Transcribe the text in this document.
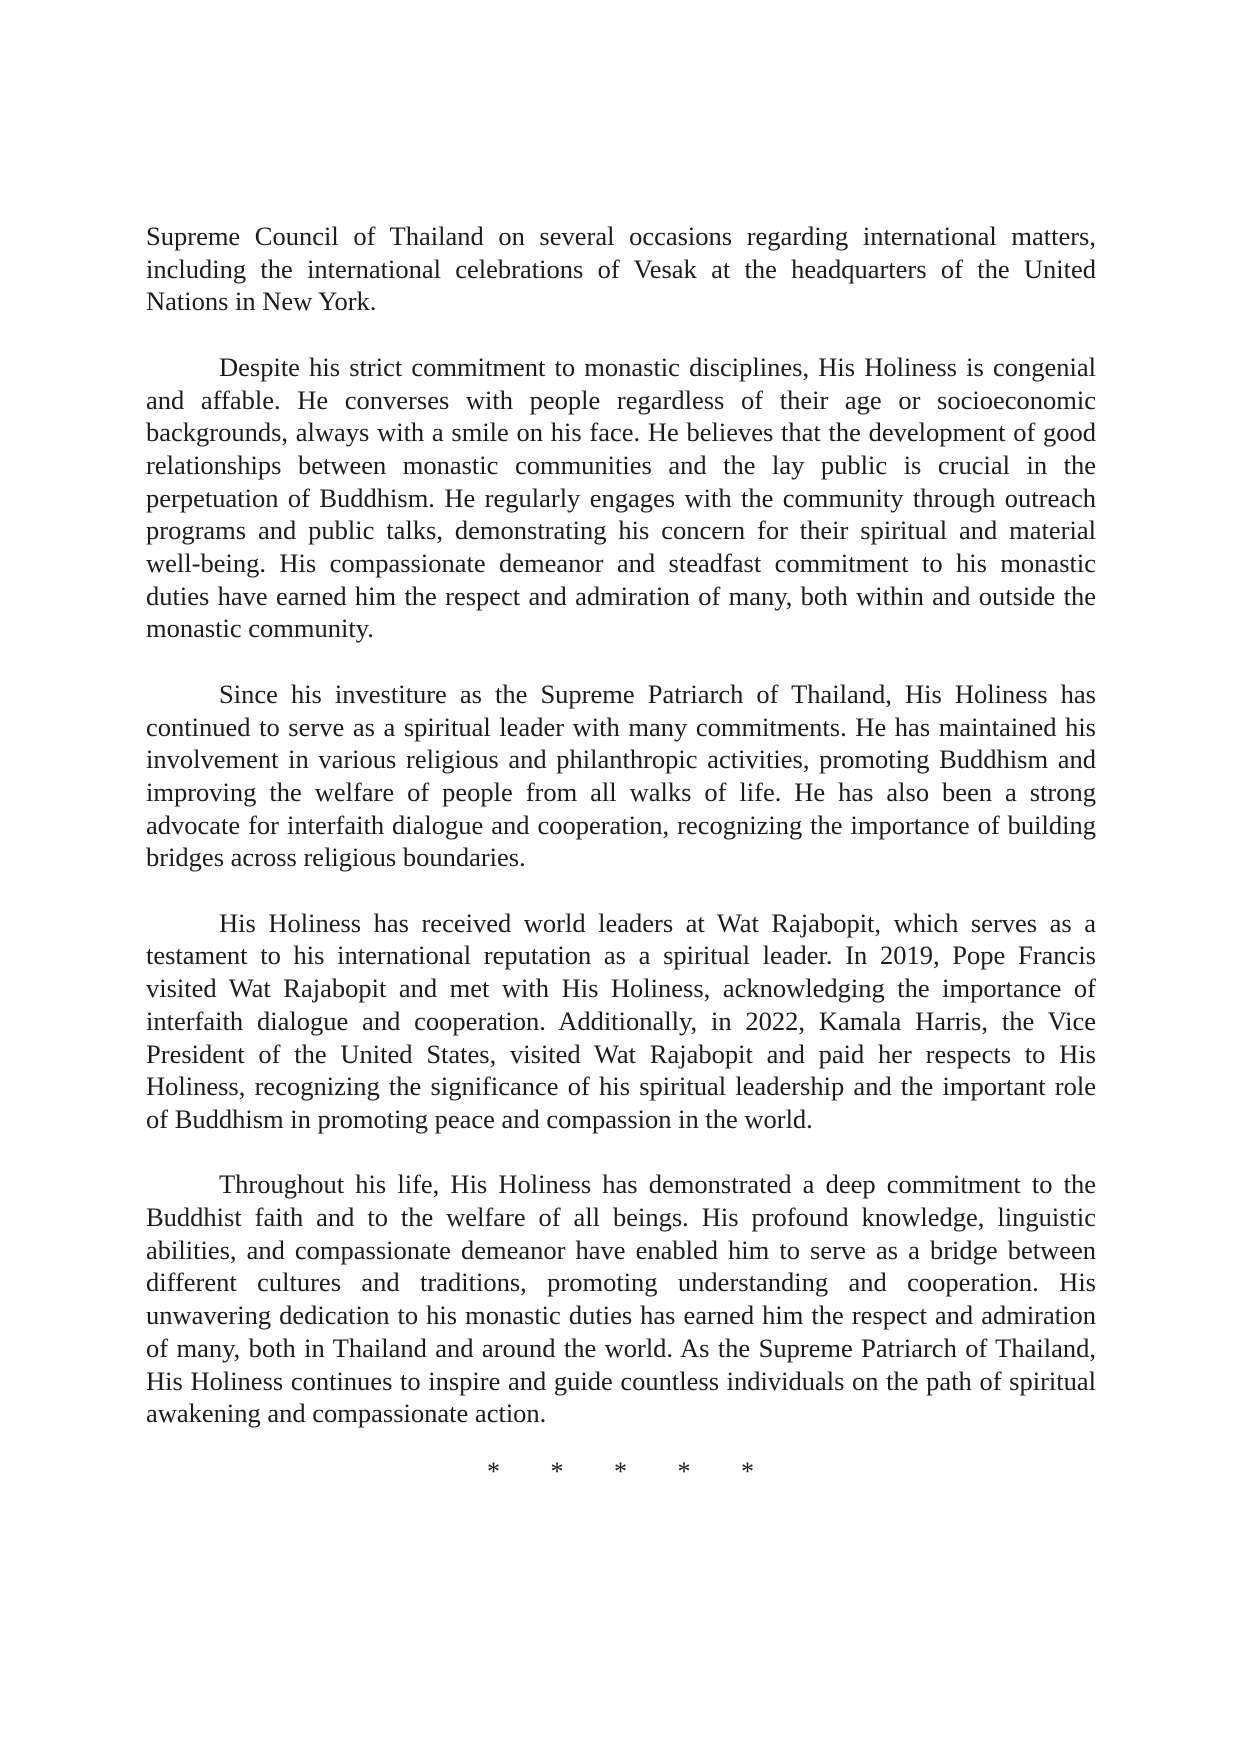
Supreme Council of Thailand on several occasions regarding international matters, including the international celebrations of Vesak at the headquarters of the United Nations in New York.

Despite his strict commitment to monastic disciplines, His Holiness is congenial and affable. He converses with people regardless of their age or socioeconomic backgrounds, always with a smile on his face. He believes that the development of good relationships between monastic communities and the lay public is crucial in the perpetuation of Buddhism. He regularly engages with the community through outreach programs and public talks, demonstrating his concern for their spiritual and material well-being. His compassionate demeanor and steadfast commitment to his monastic duties have earned him the respect and admiration of many, both within and outside the monastic community.

Since his investiture as the Supreme Patriarch of Thailand, His Holiness has continued to serve as a spiritual leader with many commitments. He has maintained his involvement in various religious and philanthropic activities, promoting Buddhism and improving the welfare of people from all walks of life. He has also been a strong advocate for interfaith dialogue and cooperation, recognizing the importance of building bridges across religious boundaries.

His Holiness has received world leaders at Wat Rajabopit, which serves as a testament to his international reputation as a spiritual leader. In 2019, Pope Francis visited Wat Rajabopit and met with His Holiness, acknowledging the importance of interfaith dialogue and cooperation. Additionally, in 2022, Kamala Harris, the Vice President of the United States, visited Wat Rajabopit and paid her respects to His Holiness, recognizing the significance of his spiritual leadership and the important role of Buddhism in promoting peace and compassion in the world.

Throughout his life, His Holiness has demonstrated a deep commitment to the Buddhist faith and to the welfare of all beings. His profound knowledge, linguistic abilities, and compassionate demeanor have enabled him to serve as a bridge between different cultures and traditions, promoting understanding and cooperation. His unwavering dedication to his monastic duties has earned him the respect and admiration of many, both in Thailand and around the world. As the Supreme Patriarch of Thailand, His Holiness continues to inspire and guide countless individuals on the path of spiritual awakening and compassionate action.

* * * * *
